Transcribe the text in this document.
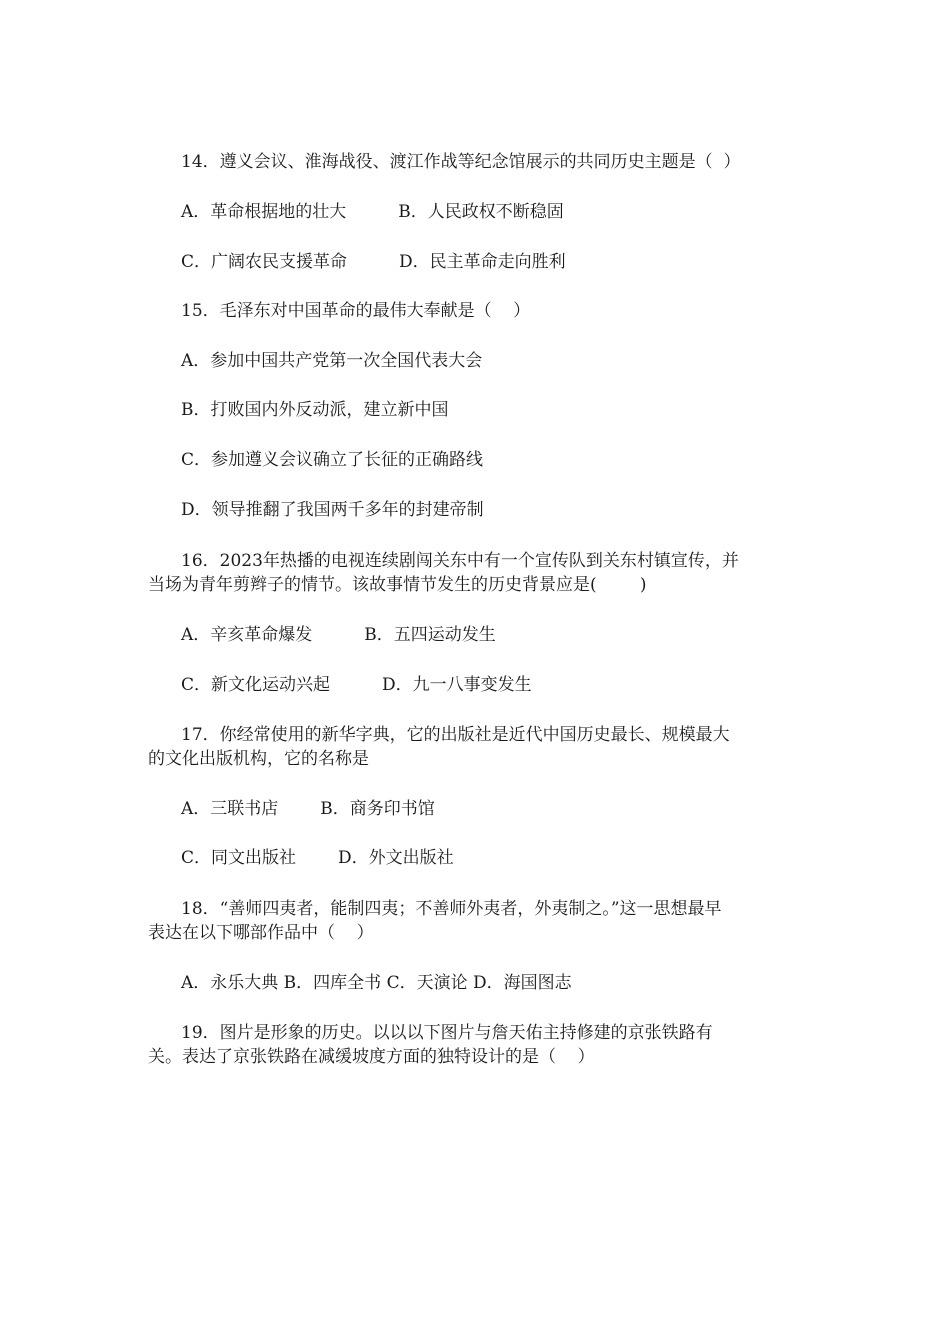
14．遵义会议、淮海战役、渡江作战等纪念馆展示的共同历史主题是（  ）

A．革命根据地的壮大	B．人民政权不断稳固

C．广阔农民支援革命	D．民主革命走向胜利

15．毛泽东对中国革命的最伟大奉献是（    ）

A．参加中国共产党第一次全国代表大会

B．打败国内外反动派，建立新中国

C．参加遵义会议确立了长征的正确路线

D．领导推翻了我国两千多年的封建帝制

16．2023年热播的电视连续剧闯关东中有一个宣传队到关东村镇宣传，并

当场为青年剪辫子的情节。该故事情节发生的历史背景应是(        )

A．辛亥革命爆发	B．五四运动发生

C．新文化运动兴起	D．九一八事变发生

17．你经常使用的新华字典，它的出版社是近代中国历史最长、规模最大

的文化出版机构，它的名称是

A．三联书店 B．商务印书馆

C．同文出版社 D．外文出版社

18．“善师四夷者，能制四夷；不善师外夷者，外夷制之。”这一思想最早

表达在以下哪部作品中（    ）

A．永乐大典 B．四库全书 C．天演论 D．海国图志

19．图片是形象的历史。以以以下图片与詹天佑主持修建的京张铁路有

关。表达了京张铁路在减缓坡度方面的独特设计的是（    ）
